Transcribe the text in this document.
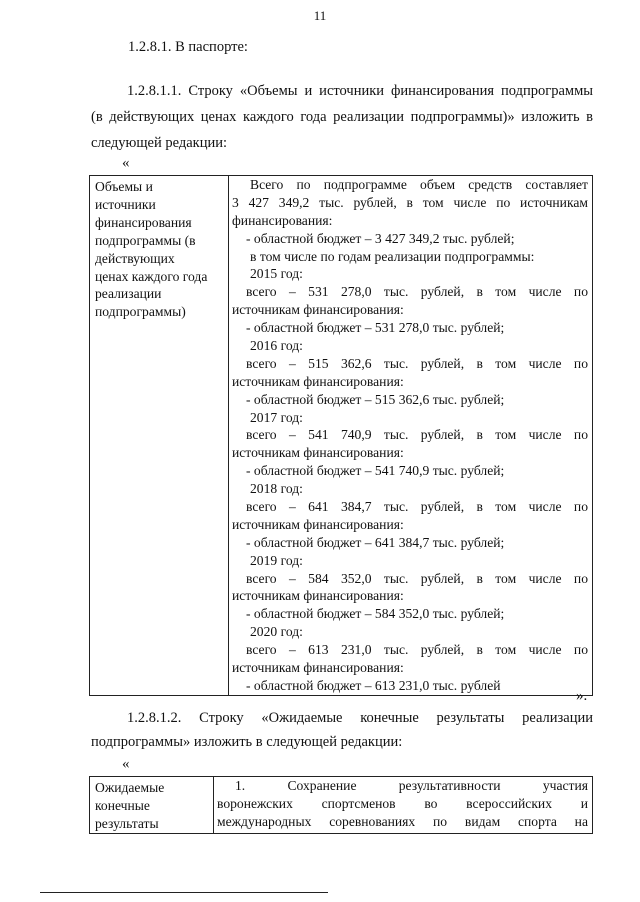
11
1.2.8.1. В паспорте:
1.2.8.1.1. Строку «Объемы и источники финансирования подпрограммы
(в действующих ценах каждого года реализации подпрограммы)» изложить в
следующей редакции:
«
Объемы и
источники
финансирования
подпрограммы (в
действующих
ценах каждого года
реализации
подпрограммы)

Всего по подпрограмме объем средств составляет
3 427 349,2 тыс. рублей, в том числе по источникам
финансирования:
- областной бюджет – 3 427 349,2 тыс. рублей;
в том числе по годам реализации подпрограммы:
2015 год:
всего – 531 278,0 тыс. рублей, в том числе по
источникам финансирования:
- областной бюджет – 531 278,0 тыс. рублей;
2016 год:
всего – 515 362,6 тыс. рублей, в том числе по
источникам финансирования:
- областной бюджет – 515 362,6 тыс. рублей;
2017 год:
всего – 541 740,9 тыс. рублей, в том числе по
источникам финансирования:
- областной бюджет – 541 740,9 тыс. рублей;
2018 год:
всего – 641 384,7 тыс. рублей, в том числе по
источникам финансирования:
- областной бюджет – 641 384,7 тыс. рублей;
2019 год:
всего – 584 352,0 тыс. рублей, в том числе по
источникам финансирования:
- областной бюджет – 584 352,0 тыс. рублей;
2020 год:
всего – 613 231,0 тыс. рублей, в том числе по
источникам финансирования:
- областной бюджет – 613 231,0 тыс. рублей
».
1.2.8.1.2. Строку «Ожидаемые конечные результаты реализации
подпрограммы» изложить в следующей редакции:
«
Ожидаемые
конечные
результаты

1. Сохранение результативности участия
воронежских спортсменов во всероссийских и
международных соревнованиях по видам спорта на
